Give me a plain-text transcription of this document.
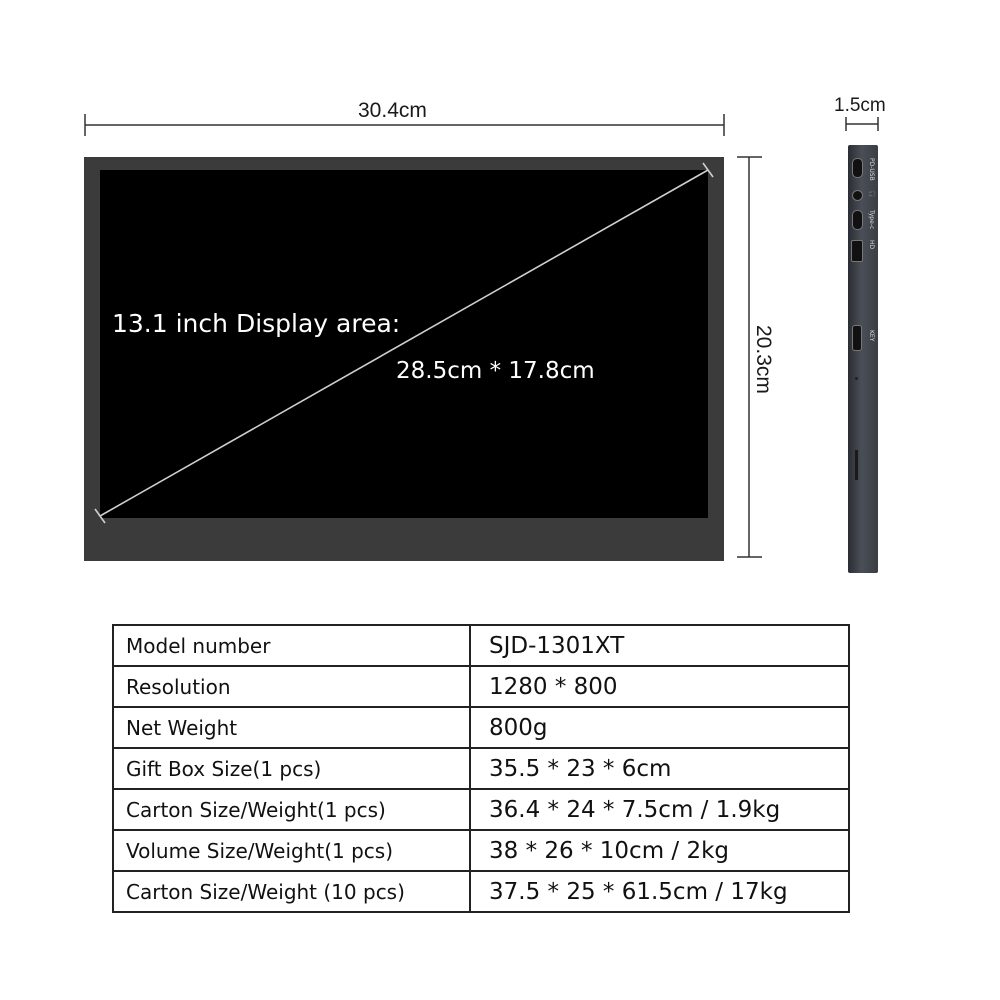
30.4cm	1.5cm
20.3cm
13.1 inch Display area:
28.5cm * 17.8cm
PD-USB
🎧
Type-c
HD
KEY
Model number	SJD-1301XT
Resolution	1280 * 800
Net Weight	800g
Gift Box Size(1 pcs)	35.5 * 23 * 6cm
Carton Size/Weight(1 pcs)	36.4 * 24 * 7.5cm / 1.9kg
Volume Size/Weight(1 pcs)	38 * 26 * 10cm / 2kg
Carton Size/Weight (10 pcs)	37.5 * 25 * 61.5cm / 17kg
